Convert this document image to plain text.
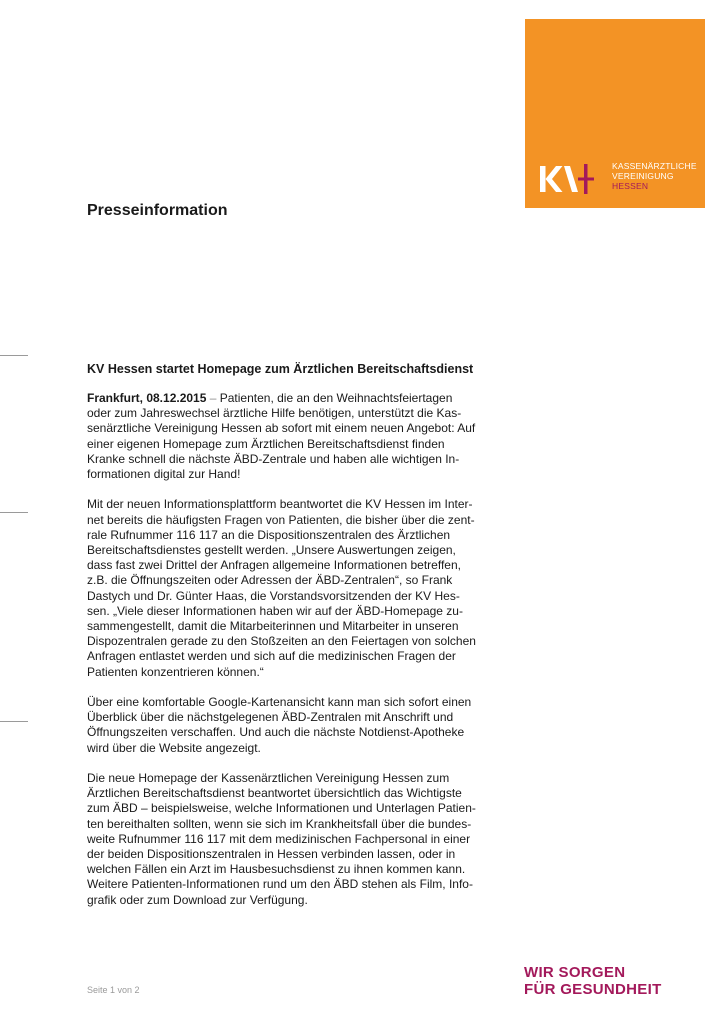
KASSENÄRZTLICHE
VEREINIGUNG
HESSEN
Presseinformation
KV Hessen startet Homepage zum Ärztlichen Bereitschaftsdienst

Frankfurt, 08.12.2015 – Patienten, die an den Weihnachtsfeiertagen
oder zum Jahreswechsel ärztliche Hilfe benötigen, unterstützt die Kas-
senärztliche Vereinigung Hessen ab sofort mit einem neuen Angebot: Auf
einer eigenen Homepage zum Ärztlichen Bereitschaftsdienst finden
Kranke schnell die nächste ÄBD-Zentrale und haben alle wichtigen In-
formationen digital zur Hand!

Mit der neuen Informationsplattform beantwortet die KV Hessen im Inter-
net bereits die häufigsten Fragen von Patienten, die bisher über die zent-
rale Rufnummer 116 117 an die Dispositionszentralen des Ärztlichen
Bereitschaftsdienstes gestellt werden. „Unsere Auswertungen zeigen,
dass fast zwei Drittel der Anfragen allgemeine Informationen betreffen,
z.B. die Öffnungszeiten oder Adressen der ÄBD-Zentralen“, so Frank
Dastych und Dr. Günter Haas, die Vorstandsvorsitzenden der KV Hes-
sen. „Viele dieser Informationen haben wir auf der ÄBD-Homepage zu-
sammengestellt, damit die Mitarbeiterinnen und Mitarbeiter in unseren
Dispozentralen gerade zu den Stoßzeiten an den Feiertagen von solchen
Anfragen entlastet werden und sich auf die medizinischen Fragen der
Patienten konzentrieren können.“

Über eine komfortable Google-Kartenansicht kann man sich sofort einen
Überblick über die nächstgelegenen ÄBD-Zentralen mit Anschrift und
Öffnungszeiten verschaffen. Und auch die nächste Notdienst-Apotheke
wird über die Website angezeigt.

Die neue Homepage der Kassenärztlichen Vereinigung Hessen zum
Ärztlichen Bereitschaftsdienst beantwortet übersichtlich das Wichtigste
zum ÄBD – beispielsweise, welche Informationen und Unterlagen Patien-
ten bereithalten sollten, wenn sie sich im Krankheitsfall über die bundes-
weite Rufnummer 116 117 mit dem medizinischen Fachpersonal in einer
der beiden Dispositionszentralen in Hessen verbinden lassen, oder in
welchen Fällen ein Arzt im Hausbesuchsdienst zu ihnen kommen kann.
Weitere Patienten-Informationen rund um den ÄBD stehen als Film, Info-
grafik oder zum Download zur Verfügung.

Seite 1 von 2
WIR SORGEN
FÜR GESUNDHEIT
